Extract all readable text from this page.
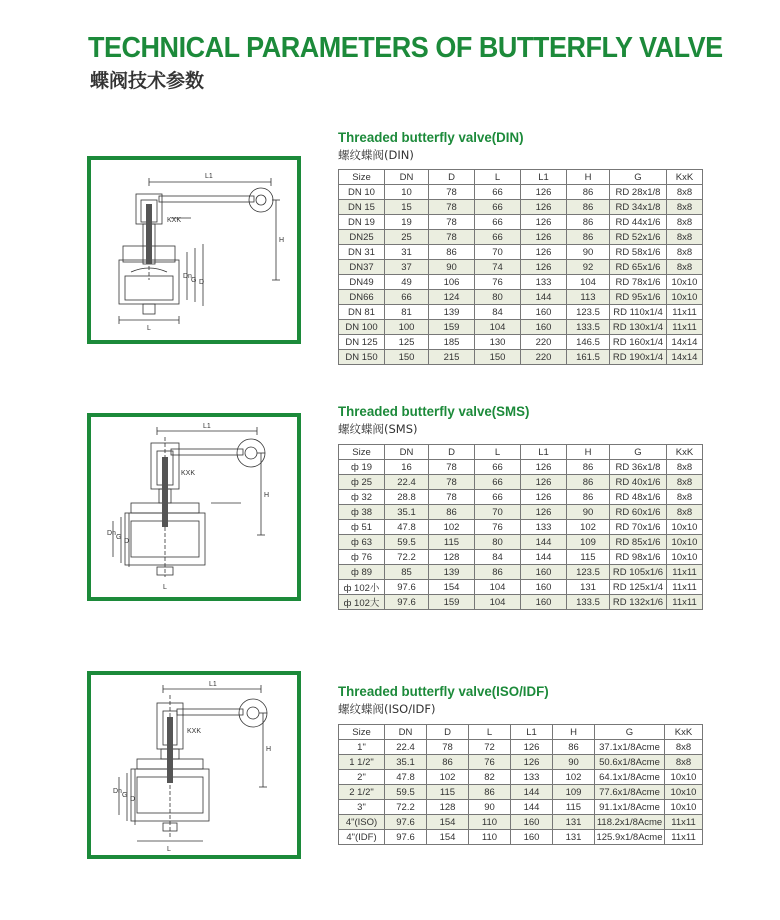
TECHNICAL PARAMETERS OF BUTTERFLY VALVE
蝶阀技术参数
L1
KXK
H
Dn
G D
L
Threaded butterfly valve(DIN)
螺纹蝶阀(DIN)
Size	DN	D	L	L1	H	G	KxK
DN 10	10	78	66	126	86	RD 28x1/8	8x8
DN 15	15	78	66	126	86	RD 34x1/8	8x8
DN 19	19	78	66	126	86	RD 44x1/6	8x8
DN25	25	78	66	126	86	RD 52x1/6	8x8
DN 31	31	86	70	126	90	RD 58x1/6	8x8
DN37	37	90	74	126	92	RD 65x1/6	8x8
DN49	49	106	76	133	104	RD 78x1/6	10x10
DN66	66	124	80	144	113	RD 95x1/6	10x10
DN 81	81	139	84	160	123.5	RD 110x1/4	11x11
DN 100	100	159	104	160	133.5	RD 130x1/4	11x11
DN 125	125	185	130	220	146.5	RD 160x1/4	14x14
DN 150	150	215	150	220	161.5	RD 190x1/4	14x14
L1
KXK
H
Dn
G
D
L
Threaded butterfly valve(SMS)
螺纹蝶阀(SMS)
Size	DN	D	L	L1	H	G	KxK
ф 19	16	78	66	126	86	RD 36x1/8	8x8
ф 25	22.4	78	66	126	86	RD 40x1/6	8x8
ф 32	28.8	78	66	126	86	RD 48x1/6	8x8
ф 38	35.1	86	70	126	90	RD 60x1/6	8x8
ф 51	47.8	102	76	133	102	RD 70x1/6	10x10
ф 63	59.5	115	80	144	109	RD 85x1/6	10x10
ф 76	72.2	128	84	144	115	RD 98x1/6	10x10
ф 89	85	139	86	160	123.5	RD 105x1/6	11x11
ф 102小	97.6	154	104	160	131	RD 125x1/4	11x11
ф 102大	97.6	159	104	160	133.5	RD 132x1/6	11x11
L1
KXK
H
Dn
G
D
L
Threaded butterfly valve(ISO/IDF)
螺纹蝶阀(ISO/IDF)
Size	DN	D	L	L1	H	G	KxK
1"	22.4	78	72	126	86	37.1x1/8Acme	8x8
1 1/2"	35.1	86	76	126	90	50.6x1/8Acme	8x8
2"	47.8	102	82	133	102	64.1x1/8Acme	10x10
2 1/2"	59.5	115	86	144	109	77.6x1/8Acme	10x10
3"	72.2	128	90	144	115	91.1x1/8Acme	10x10
4"(ISO)	97.6	154	110	160	131	118.2x1/8Acme	11x11
4"(IDF)	97.6	154	110	160	131	125.9x1/8Acme	11x11
